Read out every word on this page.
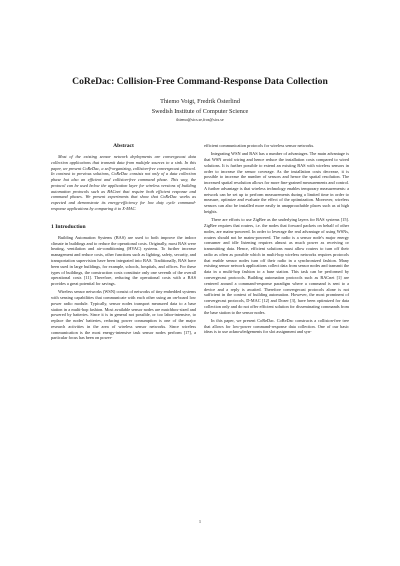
CoReDac: Collision-Free Command-Response Data Collection
Thiemo Voigt, Fredrik Österlind
Swedish Institute of Computer Science
thiemo@sics.se,fros@sics.se
Abstract

Most of the existing sensor network deployments are convergecast data collection applications that transmit data from multiple sources to a sink. In this paper, we present CoReDac, a self-organizing, collision-free convergecast protocol. In contrast to previous solutions, CoReDac consists not only of a data collection phase but also an efficient and collision-free command phase. This way, the protocol can be used below the application layer for wireless versions of building automation protocols such as BACnet that require both efficient response and command phases. We present experiments that show that CoReDac works as expected and demonstrate its energy-efficiency for low duty cycle command-response applications by comparing it to X-MAC.

1 Introduction

Building Automation Systems (BAS) are used to both improve the indoor climate in buildings and to reduce the operational costs. Originally, most BAS were heating, ventilation and air-conditioning (HVAC) systems. To further increase management and reduce costs, other functions such as lighting, safety, security, and transportation supervision have been integrated into BAS. Traditionally, BAS have been used in large buildings, for example, schools, hospitals, and offices. For these types of buildings, the construction costs constitute only one seventh of the overall operational costs [11]. Therefore, reducing the operational costs with a BAS provides a great potential for savings.

Wireless sensor networks (WSN) consist of networks of tiny embedded systems with sensing capabilities that communicate with each other using an on-board low power radio module. Typically, sensor nodes transport measured data to a base station in a multi-hop fashion. Most available sensor nodes are matchbox-sized and powered by batteries. Since it is in general not possible, or too labor-intensive, to replace the nodes' batteries, reducing power consumption is one of the major research activities in the area of wireless sensor networks. Since wireless communication is the most energy-intensive task sensor nodes perform [17], a particular focus has been on power-

efficient communication protocols for wireless sensor networks.

Integrating WSN and BAS has a number of advantages. The main advantage is that WSN avoid wiring and hence reduce the installation costs compared to wired solutions. It is further possible to extend an existing BAS with wireless sensors in order to increase the sensor coverage. As the installation costs decrease, it is possible to increase the number of sensors and hence the spatial resolution. The increased spatial resolution allows for more fine-grained measurements and control. A further advantage is that wireless technology enables temporary measurements: a network can be set up to perform measurements during a limited time in order to measure, optimize and evaluate the effect of the optimization. Moreover, wireless sensors can also be installed more easily in unapproachable places such as at high heights.

There are efforts to use ZigBee as the underlying layers for BAS systems [15]. ZigBee requires that routers, i.e. the nodes that forward packets on behalf of other nodes, are mains-powered. In order to leverage the real advantage of using WSNs, routers should not be mains-powered. The radio is a sensor node's major energy consumer and idle listening requires almost as much power as receiving or transmitting data. Hence, efficient solutions must allow routers to turn off their radio as often as possible which in multi-hop wireless networks requires protocols that enable sensor nodes turn off their radio in a synchronized fashion. Many existing sensor network applications collect data from sensor nodes and transmit the data in a multi-hop fashion to a base station. This task can be performed by convergecast protocols. Building automation protocols such as BACnet [1] are centered around a command-response paradigm where a command is sent to a device and a reply is awaited. Therefore convergecast protocols alone is not sufficient in the context of building automation. However, the most prominent of convergecast protocols, D-MAC [12] and Dozer [3], have been optimized for data collection only and do not offer efficient solution for disseminating commands from the base station to the sensor nodes.

In this paper, we present CoReDac. CoReDac constructs a collision-free tree that allows for low-power command-response data collection. One of our basic ideas is to use acknowledgements for slot assignment and syn-

1
